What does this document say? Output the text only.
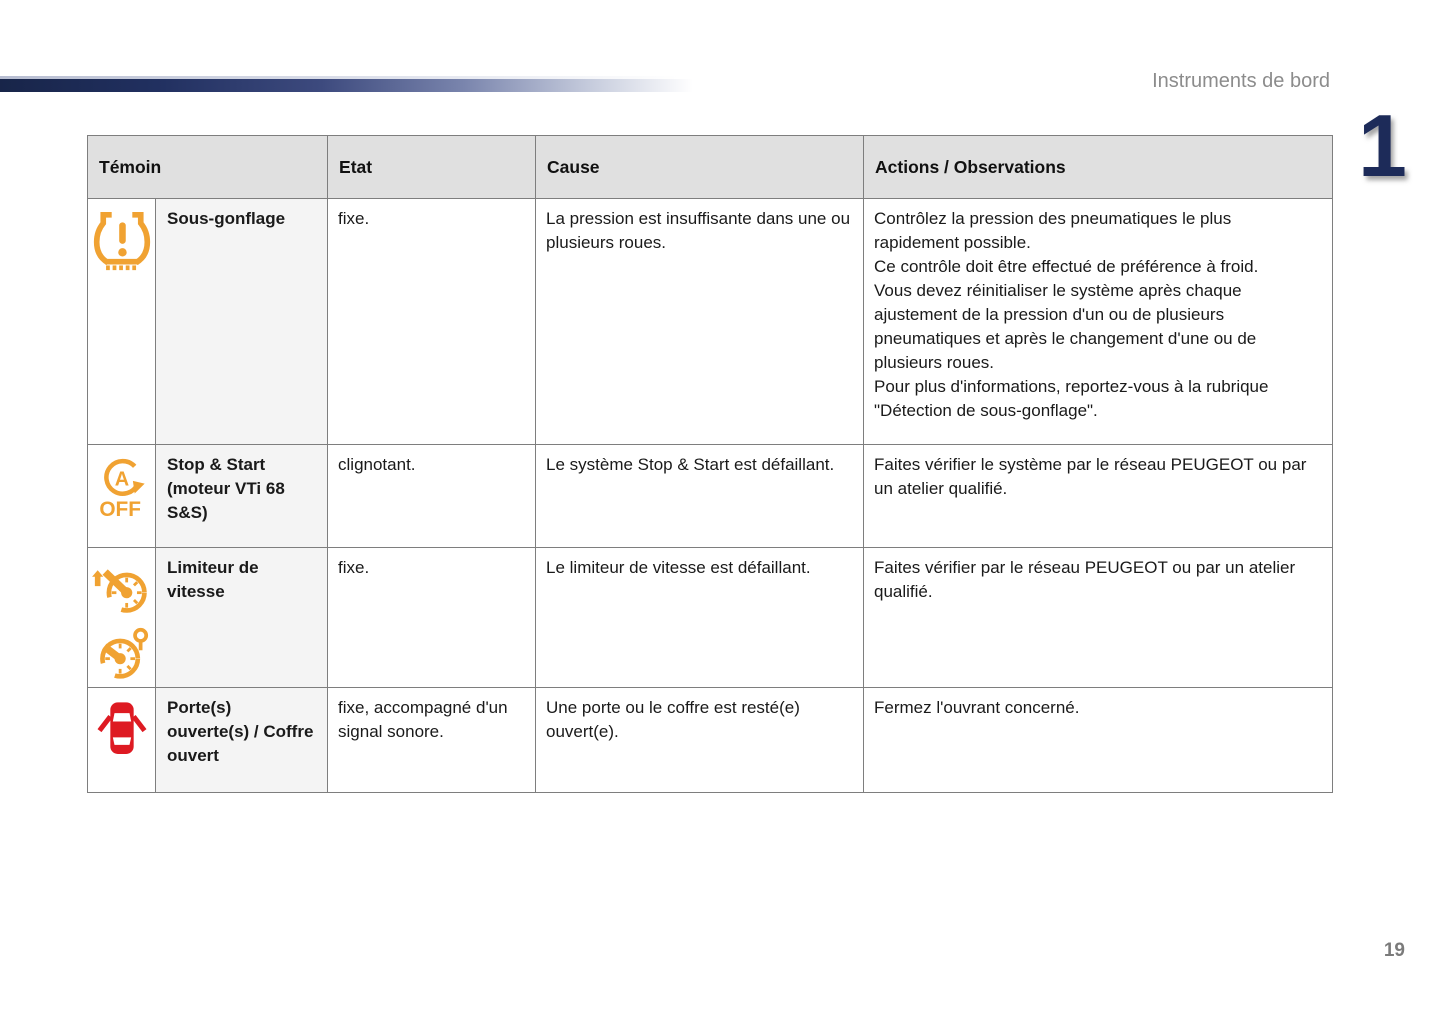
Instruments de bord
1
19
Témoin		Etat	Cause	Actions / Observations
	Sous-gonflage	fixe.	La pression est insuffisante dans une ou plusieurs roues.	Contrôlez la pression des pneumatiques le plus rapidement possible.
Ce contrôle doit être effectué de préférence à froid.
Vous devez réinitialiser le système après chaque ajustement de la pression d'un ou de plusieurs pneumatiques et après le changement d'une ou de plusieurs roues.
Pour plus d'informations, reportez-vous à la rubrique "Détection de sous-gonflage".

A
OFF	Stop & Start (moteur VTi 68 S&S)	clignotant.	Le système Stop & Start est défaillant.	Faites vérifier le système par le réseau PEUGEOT ou par un atelier qualifié.

	Limiteur de vitesse	fixe.	Le limiteur de vitesse est défaillant.	Faites vérifier par le réseau PEUGEOT ou par un atelier qualifié.
	Porte(s) ouverte(s) / Coffre ouvert	fixe, accompagné d'un signal sonore.	Une porte ou le coffre est resté(e) ouvert(e).	Fermez l'ouvrant concerné.
